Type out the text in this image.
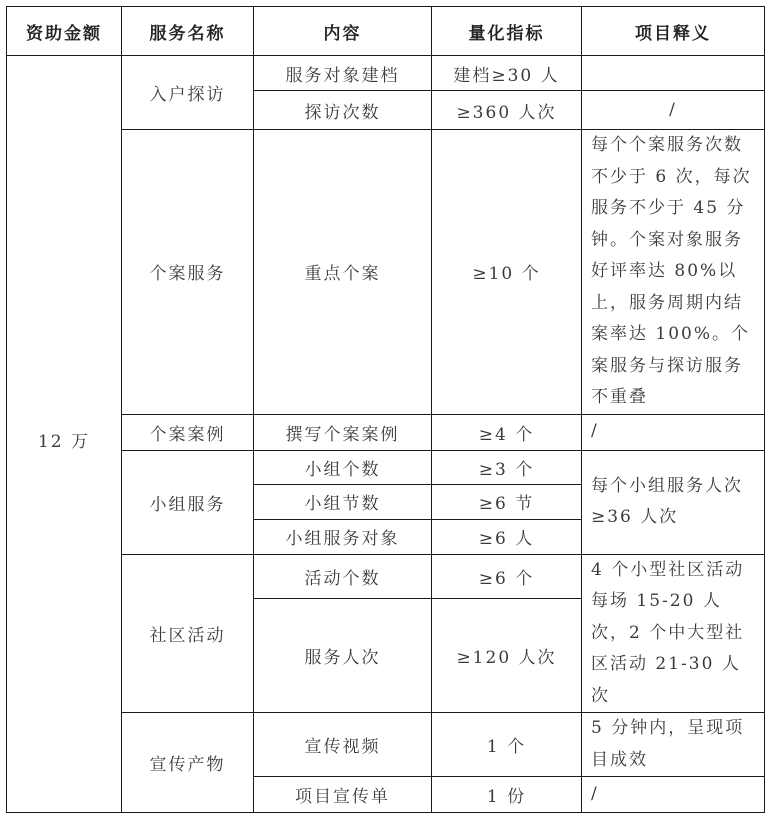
资助金额	服务名称	内容	量化指标	项目释义
12 万	入户探访	服务对象建档	建档≥30 人	
		探访次数	≥360 人次	/
	个案服务	重点个案	≥10 个	每个个案服务次数不少于 6 次，每次服务不少于 45 分钟。个案对象服务好评率达 80%以上，服务周期内结案率达 100%。个案服务与探访服务不重叠
	个案案例	撰写个案案例	≥4 个	/
	小组服务	小组个数	≥3 个	每个小组服务人次≥36 人次
		小组节数	≥6 节	
		小组服务对象	≥6 人	
	社区活动	活动个数	≥6 个	4 个小型社区活动每场 15-20 人次，2 个中大型社区活动 21-30 人次
		服务人次	≥120 人次	
	宣传产物	宣传视频	1 个	5 分钟内，呈现项目成效
		项目宣传单	1 份	/
